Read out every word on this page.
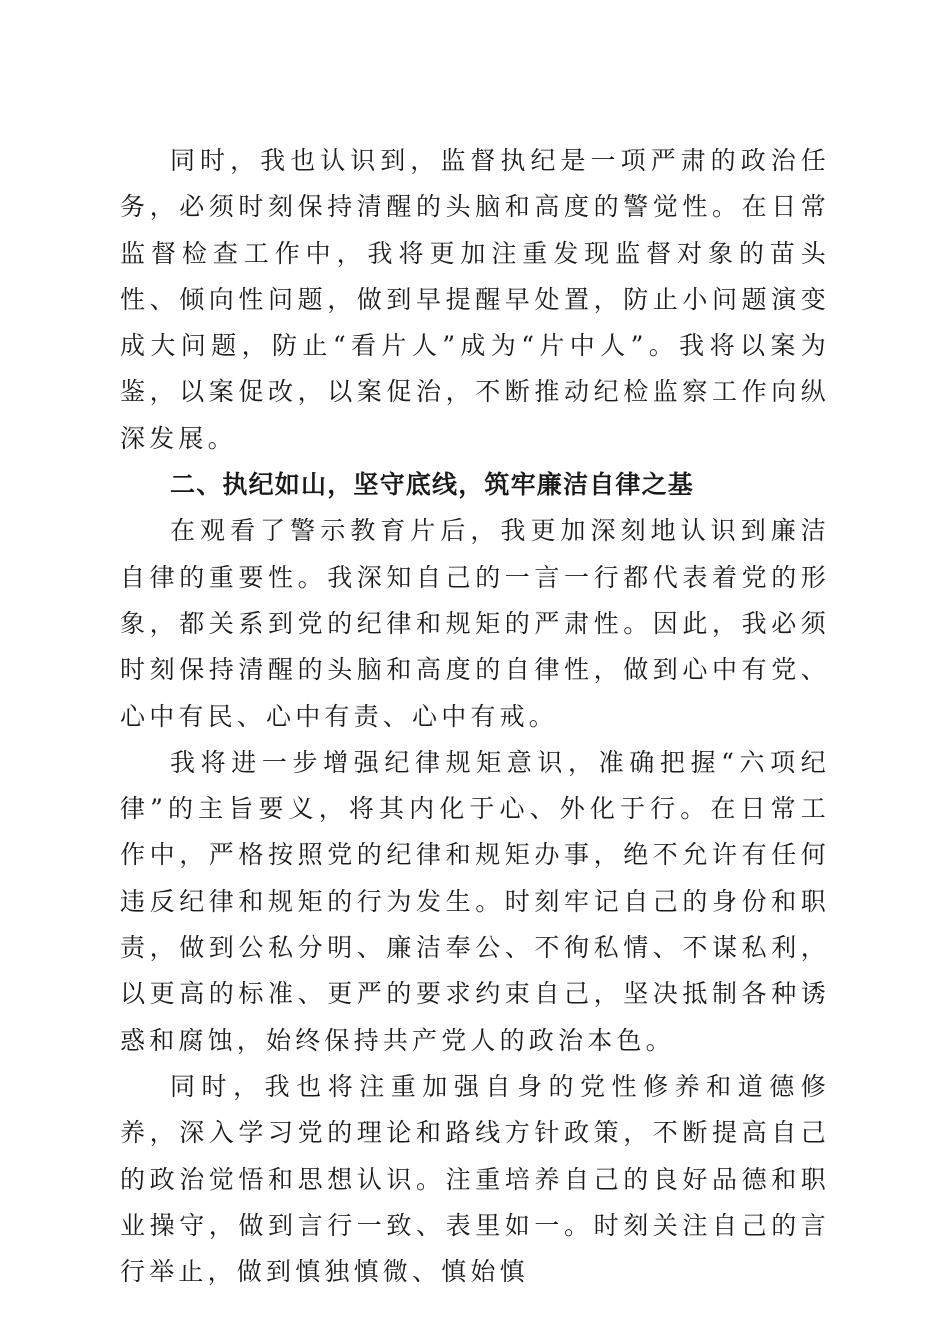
同时，我也认识到，监督执纪是一项严肃的政治任务，必须时刻保持清醒的头脑和高度的警觉性。在日常监督检查工作中，我将更加注重发现监督对象的苗头性、倾向性问题，做到早提醒早处置，防止小问题演变成大问题，防止“看片人”成为“片中人”。我将以案为鉴，以案促改，以案促治，不断推动纪检监察工作向纵深发展。

二、执纪如山，坚守底线，筑牢廉洁自律之基

在观看了警示教育片后，我更加深刻地认识到廉洁自律的重要性。我深知自己的一言一行都代表着党的形象，都关系到党的纪律和规矩的严肃性。因此，我必须时刻保持清醒的头脑和高度的自律性，做到心中有党、心中有民、心中有责、心中有戒。

我将进一步增强纪律规矩意识，准确把握“六项纪律”的主旨要义，将其内化于心、外化于行。在日常工作中，严格按照党的纪律和规矩办事，绝不允许有任何违反纪律和规矩的行为发生。时刻牢记自己的身份和职责，做到公私分明、廉洁奉公、不徇私情、不谋私利，以更高的标准、更严的要求约束自己，坚决抵制各种诱惑和腐蚀，始终保持共产党人的政治本色。

同时，我也将注重加强自身的党性修养和道德修养，深入学习党的理论和路线方针政策，不断提高自己的政治觉悟和思想认识。注重培养自己的良好品德和职业操守，做到言行一致、表里如一。时刻关注自己的言行举止，做到慎独慎微、慎始慎
